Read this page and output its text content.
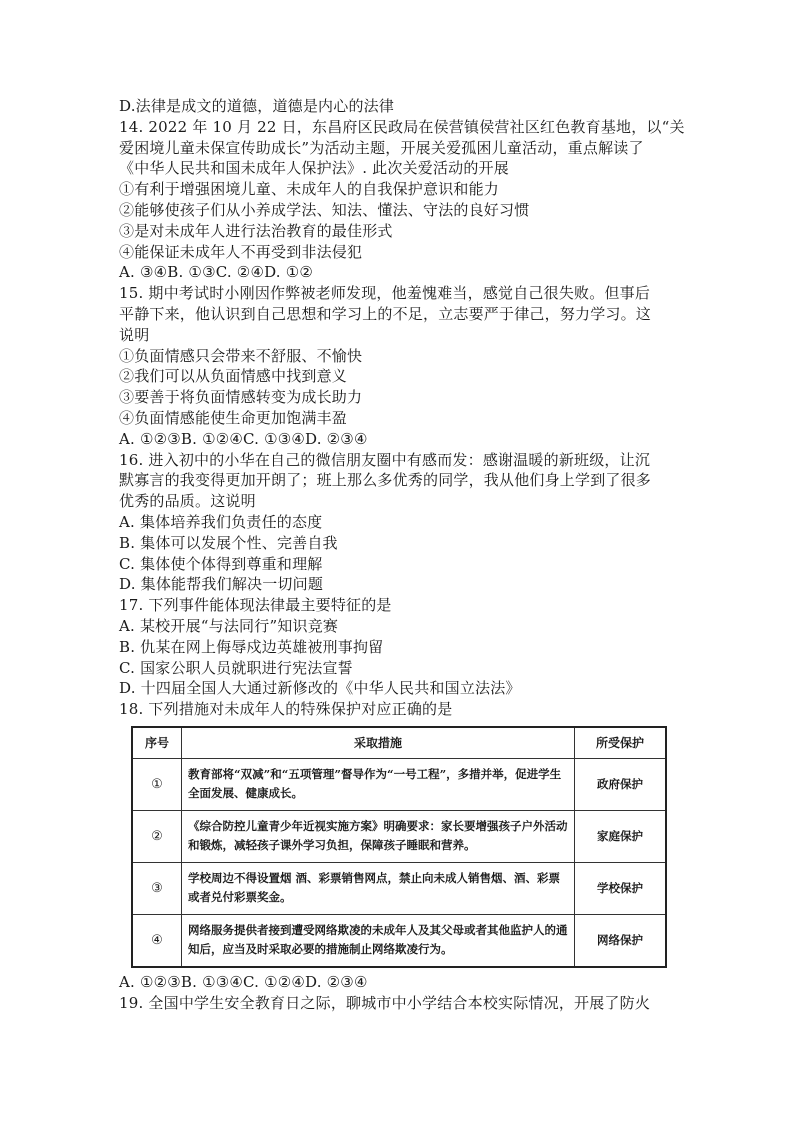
D.法律是成文的道德，道德是内心的法律
14. 2022 年 10 月 22 日，东昌府区民政局在侯营镇侯营社区红色教育基地，以“关
爱困境儿童未保宣传助成长”为活动主题，开展关爱孤困儿童活动，重点解读了
《中华人民共和国未成年人保护法》. 此次关爱活动的开展
①有利于增强困境儿童、未成年人的自我保护意识和能力
②能够使孩子们从小养成学法、知法、懂法、守法的良好习惯
③是对未成年人进行法治教育的最佳形式
④能保证未成年人不再受到非法侵犯
A. ③④B. ①③C. ②④D. ①②
15. 期中考试时小刚因作弊被老师发现，他羞愧难当，感觉自己很失败。但事后
平静下来，他认识到自己思想和学习上的不足，立志要严于律己，努力学习。这
说明
①负面情感只会带来不舒服、不愉快
②我们可以从负面情感中找到意义
③要善于将负面情感转变为成长助力
④负面情感能使生命更加饱满丰盈
A. ①②③B. ①②④C. ①③④D. ②③④
16. 进入初中的小华在自己的微信朋友圈中有感而发：感谢温暖的新班级，让沉
默寡言的我变得更加开朗了；班上那么多优秀的同学，我从他们身上学到了很多
优秀的品质。这说明
A. 集体培养我们负责任的态度
B. 集体可以发展个性、完善自我
C. 集体使个体得到尊重和理解
D. 集体能帮我们解决一切问题
17. 下列事件能体现法律最主要特征的是
A. 某校开展“与法同行”知识竞赛
B. 仇某在网上侮辱戍边英雄被刑事拘留
C. 国家公职人员就职进行宪法宣誓
D. 十四届全国人大通过新修改的《中华人民共和国立法法》
18. 下列措施对未成年人的特殊保护对应正确的是
序号	采取措施	所受保护
①	教育部将“双减”和“五项管理”督导作为“一号工程”，多措并举，促进学生全面发展、健康成长。	政府保护
②	《综合防控儿童青少年近视实施方案》明确要求：家长要增强孩子户外活动和锻炼，减轻孩子课外学习负担，保障孩子睡眠和营养。	家庭保护
③	学校周边不得设置烟 酒、彩票销售网点，禁止向未成人销售烟、酒、彩票或者兑付彩票奖金。	学校保护
④	网络服务提供者接到遭受网络欺凌的未成年人及其父母或者其他监护人的通知后，应当及时采取必要的措施制止网络欺凌行为。	网络保护
A. ①②③B. ①③④C. ①②④D. ②③④
19. 全国中学生安全教育日之际，聊城市中小学结合本校实际情况，开展了防火
